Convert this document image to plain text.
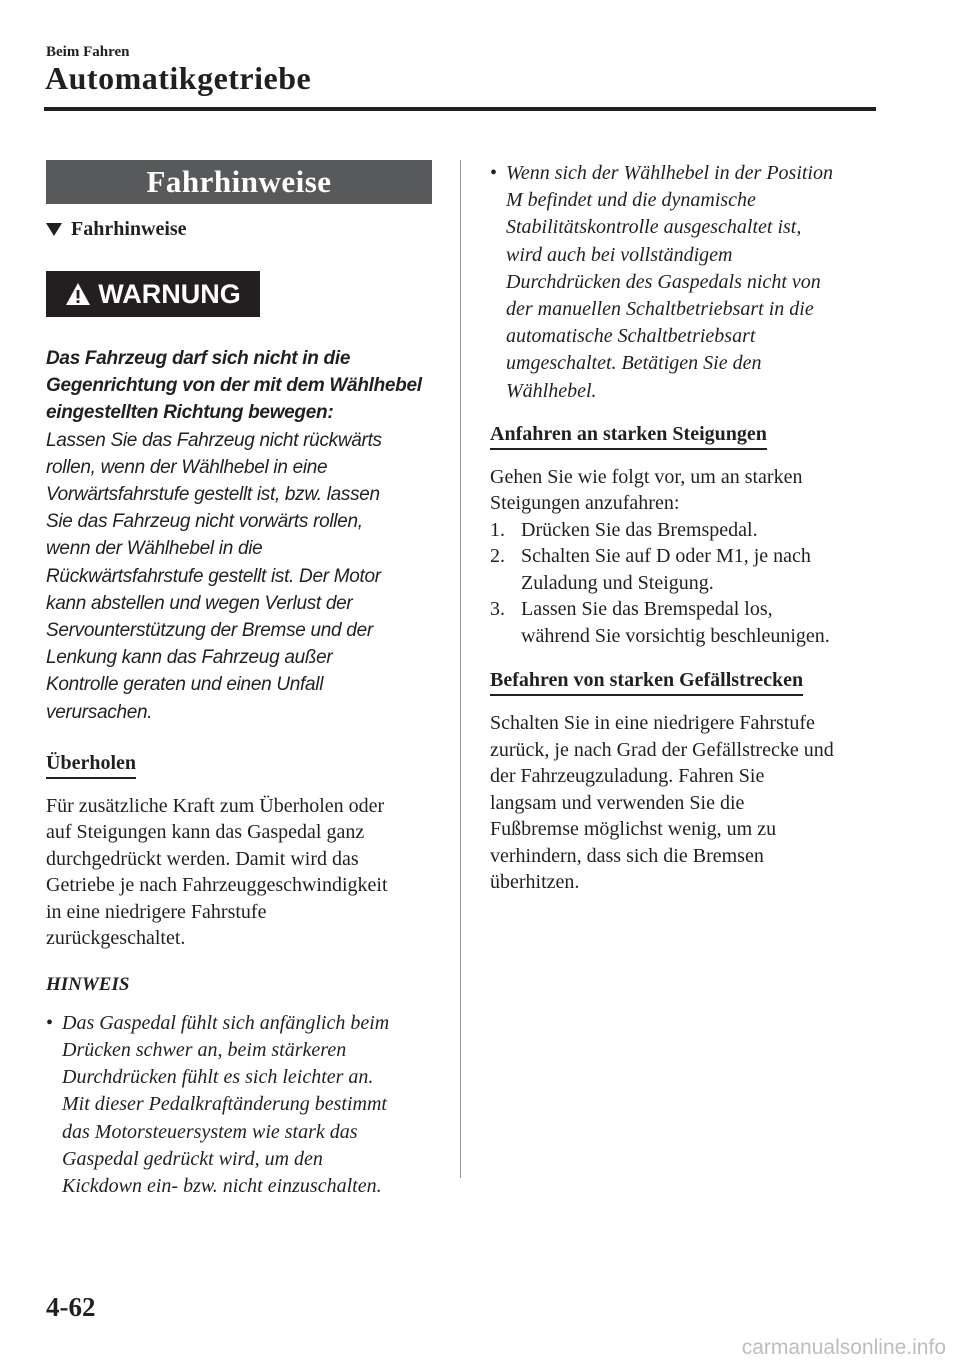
Beim Fahren
Automatikgetriebe
Fahrhinweise
Fahrhinweise
WARNUNG
Das Fahrzeug darf sich nicht in die
Gegenrichtung von der mit dem Wählhebel
eingestellten Richtung bewegen:
Lassen Sie das Fahrzeug nicht rückwärts
rollen, wenn der Wählhebel in eine
Vorwärtsfahrstufe gestellt ist, bzw. lassen
Sie das Fahrzeug nicht vorwärts rollen,
wenn der Wählhebel in die
Rückwärtsfahrstufe gestellt ist. Der Motor
kann abstellen und wegen Verlust der
Servounterstützung der Bremse und der
Lenkung kann das Fahrzeug außer
Kontrolle geraten und einen Unfall
verursachen.
Überholen
Für zusätzliche Kraft zum Überholen oder
auf Steigungen kann das Gaspedal ganz
durchgedrückt werden. Damit wird das
Getriebe je nach Fahrzeuggeschwindigkeit
in eine niedrigere Fahrstufe
zurückgeschaltet.
HINWEIS
• Das Gaspedal fühlt sich anfänglich beim
Drücken schwer an, beim stärkeren
Durchdrücken fühlt es sich leichter an.
Mit dieser Pedalkraftänderung bestimmt
das Motorsteuersystem wie stark das
Gaspedal gedrückt wird, um den
Kickdown ein- bzw. nicht einzuschalten.
• Wenn sich der Wählhebel in der Position
M befindet und die dynamische
Stabilitätskontrolle ausgeschaltet ist,
wird auch bei vollständigem
Durchdrücken des Gaspedals nicht von
der manuellen Schaltbetriebsart in die
automatische Schaltbetriebsart
umgeschaltet. Betätigen Sie den
Wählhebel.
Anfahren an starken Steigungen
Gehen Sie wie folgt vor, um an starken
Steigungen anzufahren:
1. Drücken Sie das Bremspedal.
2. Schalten Sie auf D oder M1, je nach
Zuladung und Steigung.
3. Lassen Sie das Bremspedal los,
während Sie vorsichtig beschleunigen.
Befahren von starken Gefällstrecken
Schalten Sie in eine niedrigere Fahrstufe
zurück, je nach Grad der Gefällstrecke und
der Fahrzeugzuladung. Fahren Sie
langsam und verwenden Sie die
Fußbremse möglichst wenig, um zu
verhindern, dass sich die Bremsen
überhitzen.
4-62
carmanualsonline.info
